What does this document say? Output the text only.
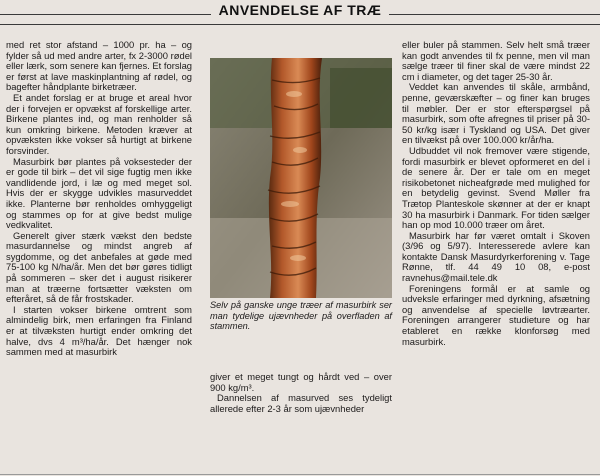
ANVENDELSE AF TRÆ

med ret stor afstand – 1000 pr. ha – og fylder så ud med andre arter, fx 2-3000 rødel eller lærk, som senere kan fjernes. Et forslag er først at lave maskinplantning af rødel, og bagefter håndplante birketræer.

Et andet forslag er at bruge et areal hvor der i forvejen er opvækst af forskellige arter. Birkene plantes ind, og man renholder så kun omkring birkene. Metoden kræver at opvæksten ikke vokser så hurtigt at birkene forsvinder.

Masurbirk bør plantes på voksesteder der er gode til birk – det vil sige fugtig men ikke vandlidende jord, i læ og med meget sol. Hvis der er skygge udvikles masurveddet ikke. Planterne bør renholdes omhyggeligt og stammes op for at give bedst mulige vedkvalitet.

Generelt giver stærk vækst den bedste masurdannelse og mindst angreb af sygdomme, og det anbefales at gøde med 75-100 kg N/ha/år. Men det bør gøres tidligt på sommeren – sker det i august risikerer man at træerne fortsætter væksten om efteråret, så de får frostskader.

I starten vokser birkene omtrent som almindelig birk, men erfaringen fra Finland er at tilvæksten hurtigt ender omkring det halve, dvs 4 m³/ha/år. Det hænger nok sammen med at masurbirk

Selv på ganske unge træer af masurbirk ser man tydelige ujævnheder på overfladen af stammen.

giver et meget tungt og hårdt ved – over 900 kg/m³.

Dannelsen af masurved ses tydeligt allerede efter 2-3 år som ujævnheder

eller buler på stammen. Selv helt små træer kan godt anvendes til fx penne, men vil man sælge træer til finer skal de være mindst 22 cm i diameter, og det tager 25-30 år.

Veddet kan anvendes til skåle, armbånd, penne, geværskæfter – og finer kan bruges til møbler. Der er stor efterspørgsel på masurbirk, som ofte afregnes til priser på 30-50 kr/kg især i Tyskland og USA. Det giver en tilvækst på over 100.000 kr/år/ha.

Udbuddet vil nok fremover være stigende, fordi masurbirk er blevet opformeret en del i de senere år. Der er tale om en meget risikobetonet nicheafgrøde med mulighed for en betydelig gevinst. Svend Møller fra Trætop Planteskole skønner at der er knapt 30 ha masurbirk i Danmark. For tiden sælger han op mod 10.000 træer om året.

Masurbirk har før været omtalt i Skoven (3/96 og 5/97). Interesserede avlere kan kontakte Dansk Masurdyrkerforening v. Tage Rønne, tlf. 44 49 10 08, e-post ravnehus@mail.tele.dk

Foreningens formål er at samle og udveksle erfaringer med dyrkning, afsætning og anvendelse af specielle løvtræarter. Foreningen arrangerer studieture og har etableret en række klonforsøg med masurbirk.
